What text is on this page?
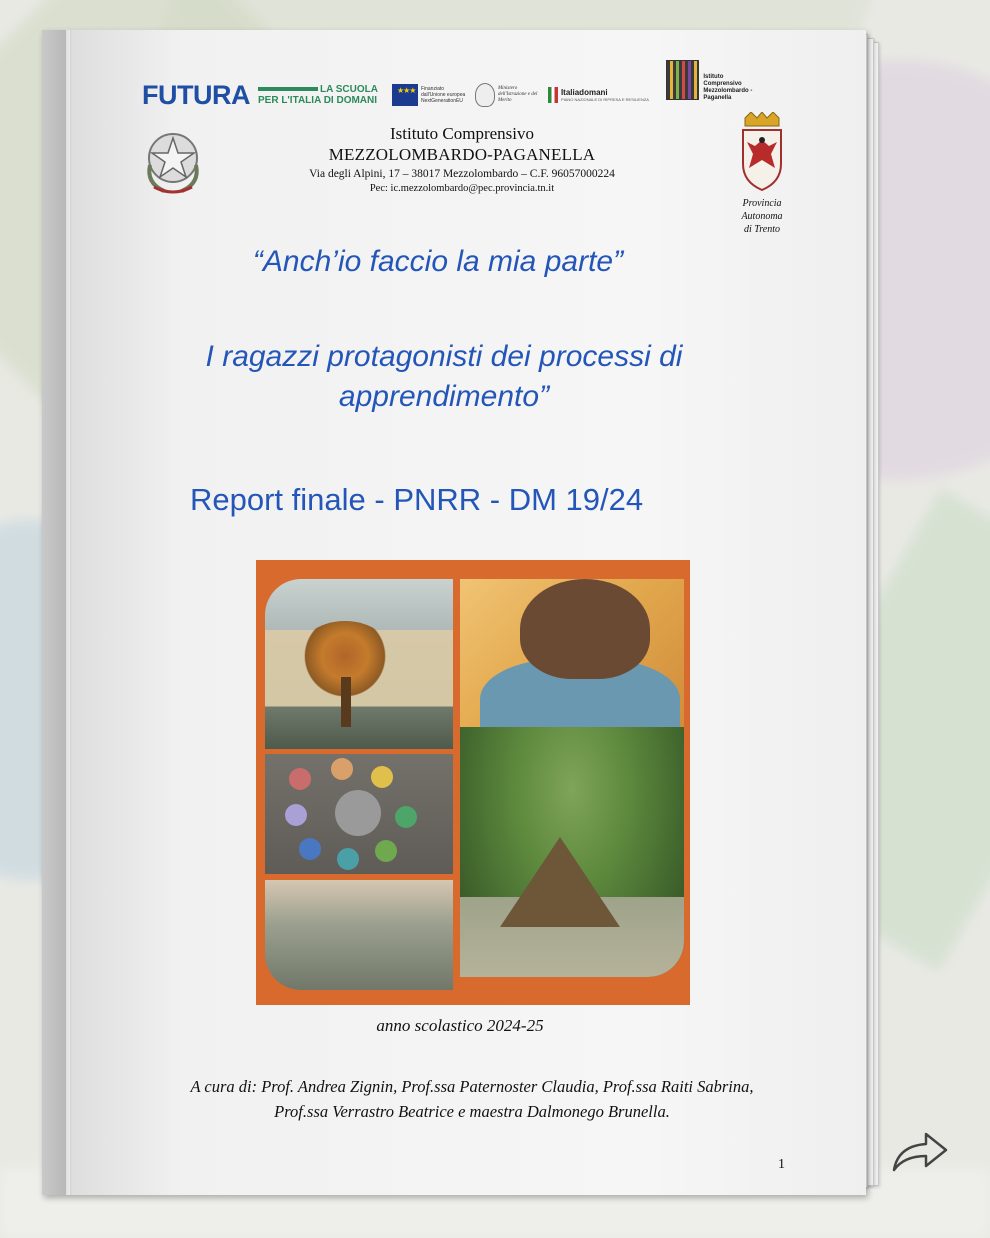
FUTURA	LA SCUOLA
PER L'ITALIA DI DOMANI
★★★ Finanziato dall'Unione europea NextGenerationEU
Ministero dell'Istruzione e del Merito
Italiadomani
PIANO NAZIONALE DI RIPRESA E RESILIENZA
Istituto
Comprensivo
Mezzolombardo - Paganella
Istituto Comprensivo
MEZZOLOMBARDO-PAGANELLA
Via degli Alpini, 17 – 38017 Mezzolombardo – C.F. 96057000224
Pec: ic.mezzolombardo@pec.provincia.tn.it
Provincia Autonoma
di Trento
“Anch’io faccio la mia parte”
I ragazzi protagonisti dei processi di
apprendimento”
Report finale - PNRR - DM 19/24
anno scolastico 2024-25
A cura di: Prof. Andrea Zignin, Prof.ssa Paternoster Claudia, Prof.ssa Raiti Sabrina,
Prof.ssa Verrastro Beatrice e maestra Dalmonego Brunella.
1
